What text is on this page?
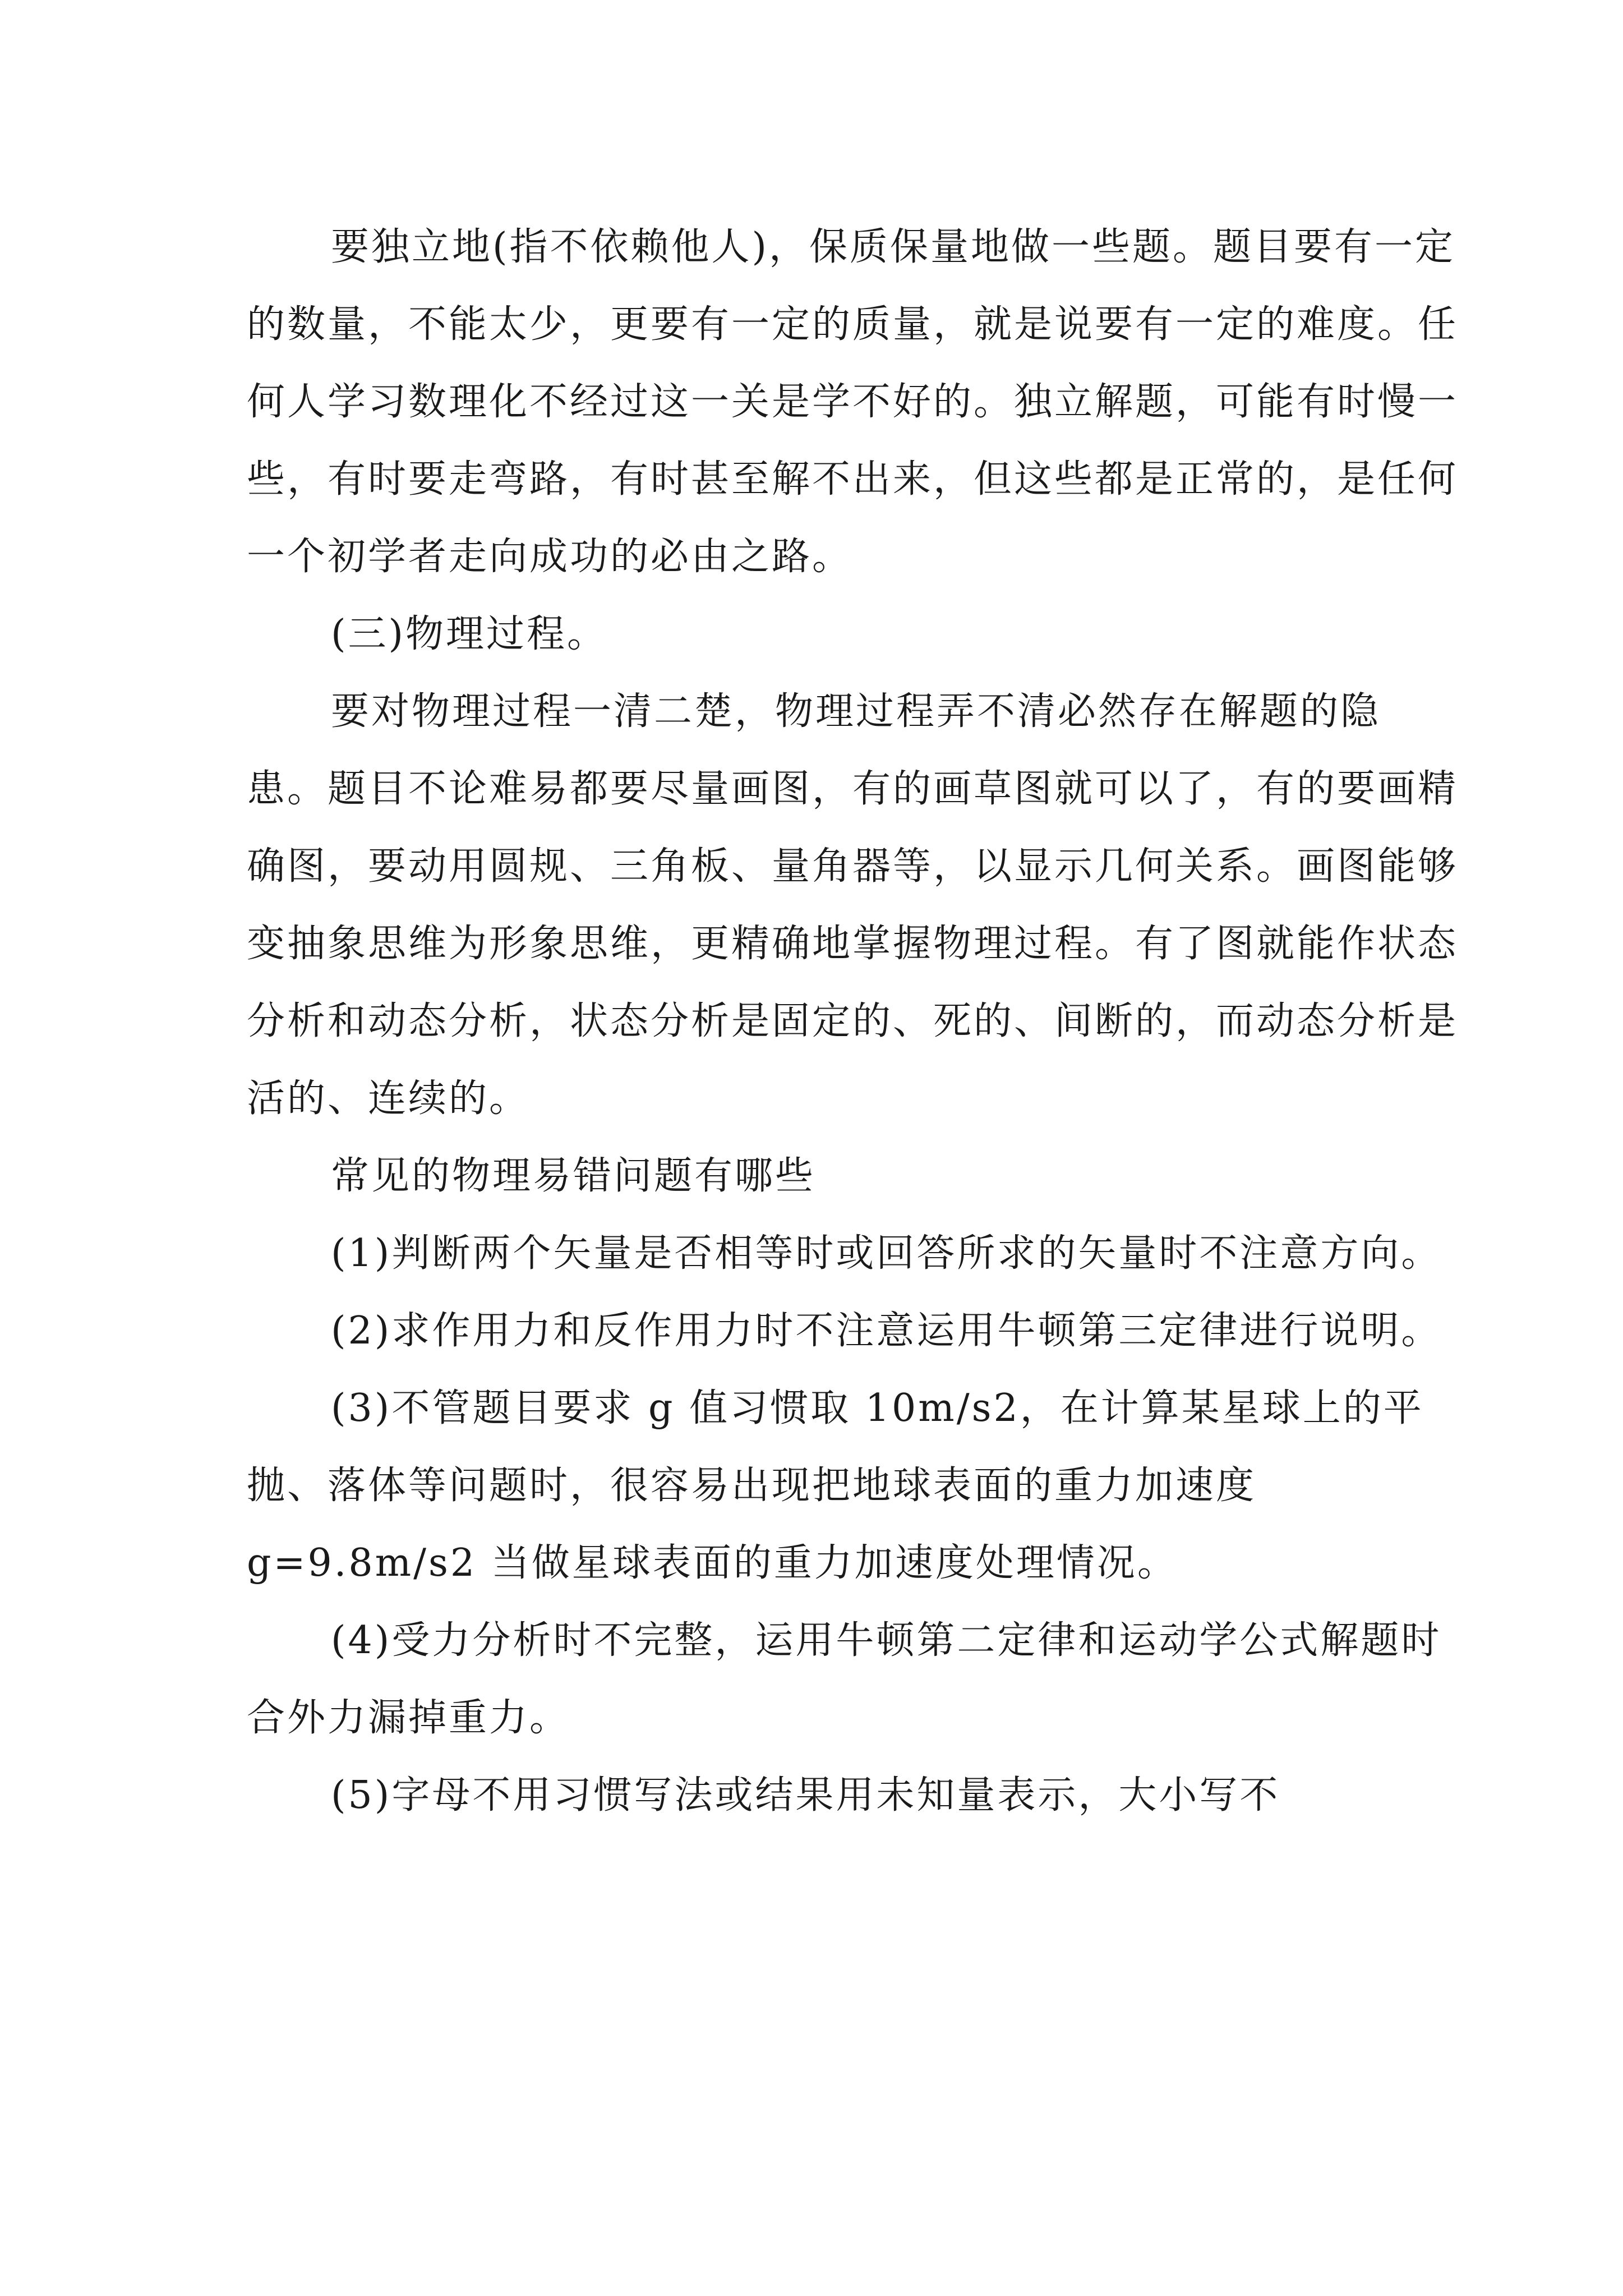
要独立地(指不依赖他人)，保质保量地做一些题。题目要有一定的数量，不能太少，更要有一定的质量，就是说要有一定的难度。任何人学习数理化不经过这一关是学不好的。独立解题，可能有时慢一些，有时要走弯路，有时甚至解不出来，但这些都是正常的，是任何一个初学者走向成功的必由之路。

(三)物理过程。

要对物理过程一清二楚，物理过程弄不清必然存在解题的隐患。题目不论难易都要尽量画图，有的画草图就可以了，有的要画精确图，要动用圆规、三角板、量角器等，以显示几何关系。画图能够变抽象思维为形象思维，更精确地掌握物理过程。有了图就能作状态分析和动态分析，状态分析是固定的、死的、间断的，而动态分析是活的、连续的。

常见的物理易错问题有哪些

(1)判断两个矢量是否相等时或回答所求的矢量时不注意方向。

(2)求作用力和反作用力时不注意运用牛顿第三定律进行说明。

(3)不管题目要求 g 值习惯取 10m/s2，在计算某星球上的平抛、落体等问题时，很容易出现把地球表面的重力加速度 g=9.8m/s2 当做星球表面的重力加速度处理情况。

(4)受力分析时不完整，运用牛顿第二定律和运动学公式解题时合外力漏掉重力。

(5)字母不用习惯写法或结果用未知量表示，大小写不
